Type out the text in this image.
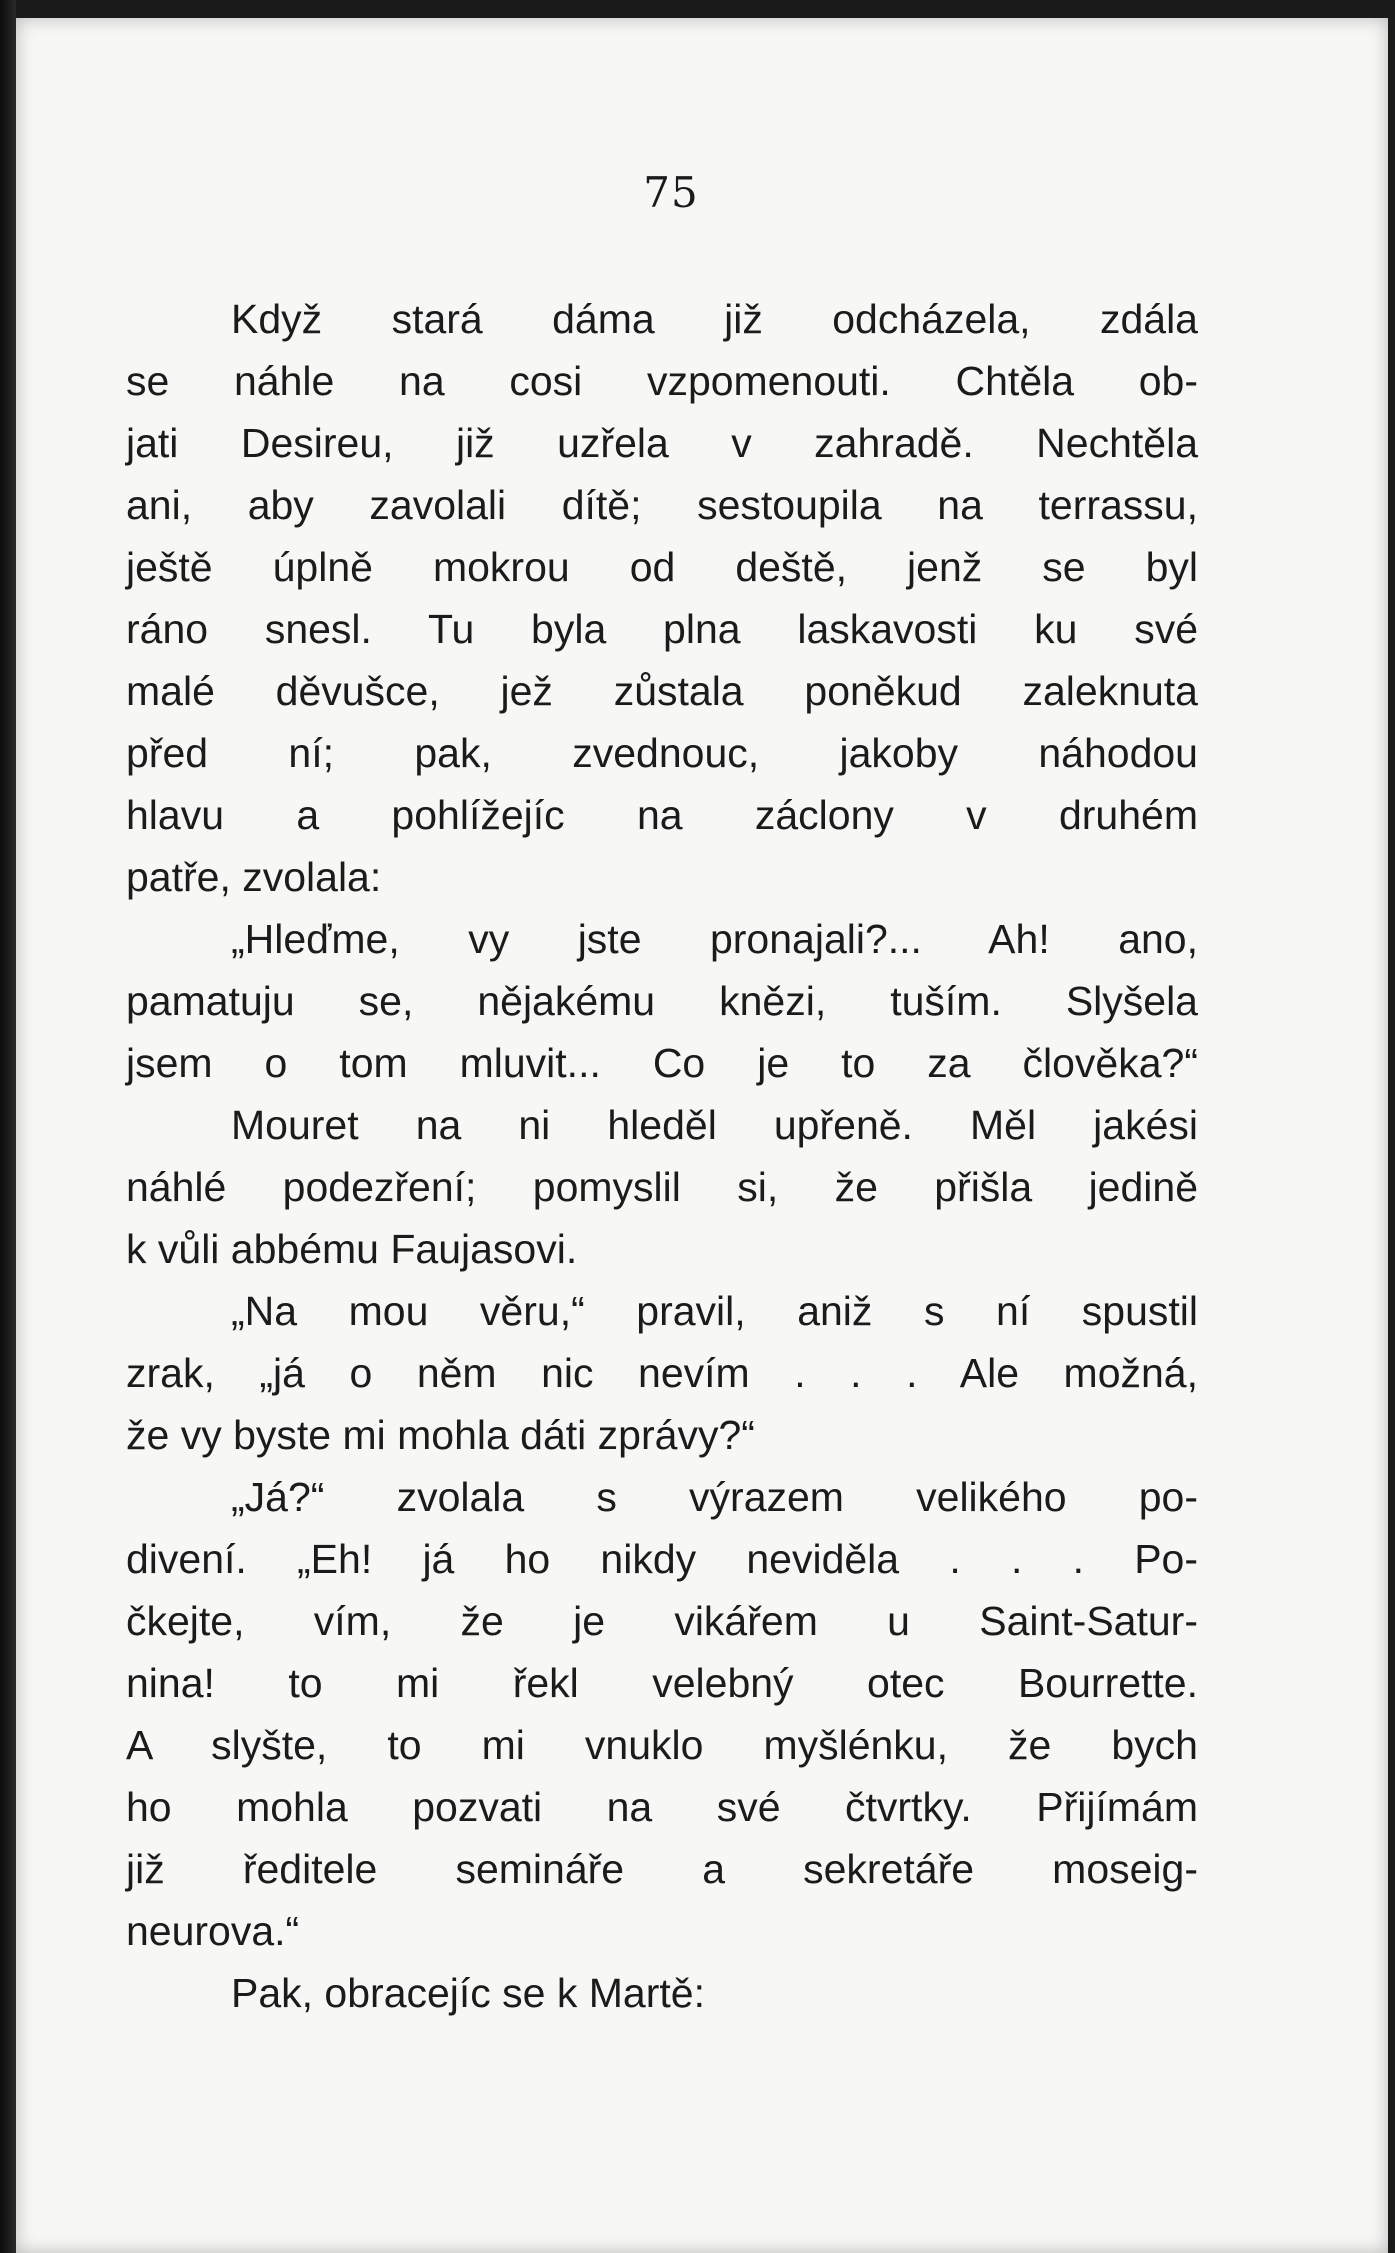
75
Když stará dáma již odcházela, zdála
se náhle na cosi vzpomenouti. Chtěla ob-
jati Desireu, již uzřela v zahradě. Nechtěla
ani, aby zavolali dítě; sestoupila na terrassu,
ještě úplně mokrou od deště, jenž se byl
ráno snesl. Tu byla plna laskavosti ku své
malé děvušce, jež zůstala poněkud zaleknuta
před ní; pak, zvednouc, jakoby náhodou
hlavu a pohlížejíc na záclony v druhém
patře, zvolala:
„Hleďme, vy jste pronajali?... Ah! ano,
pamatuju se, nějakému knězi, tuším. Slyšela
jsem o tom mluvit... Co je to za člověka?“
Mouret na ni hleděl upřeně. Měl jakési
náhlé podezření; pomyslil si, že přišla jedině
k vůli abbému Faujasovi.
„Na mou věru,“ pravil, aniž s ní spustil
zrak, „já o něm nic nevím . . . Ale možná,
že vy byste mi mohla dáti zprávy?“
„Já?“ zvolala s výrazem velikého po-
divení. „Eh! já ho nikdy neviděla . . . Po-
čkejte, vím, že je vikářem u Saint-Satur-
nina! to mi řekl velebný otec Bourrette.
A slyšte, to mi vnuklo myšlénku, že bych
ho mohla pozvati na své čtvrtky. Přijímám
již ředitele semináře a sekretáře moseig-
neurova.“
Pak, obracejíc se k Martě:
